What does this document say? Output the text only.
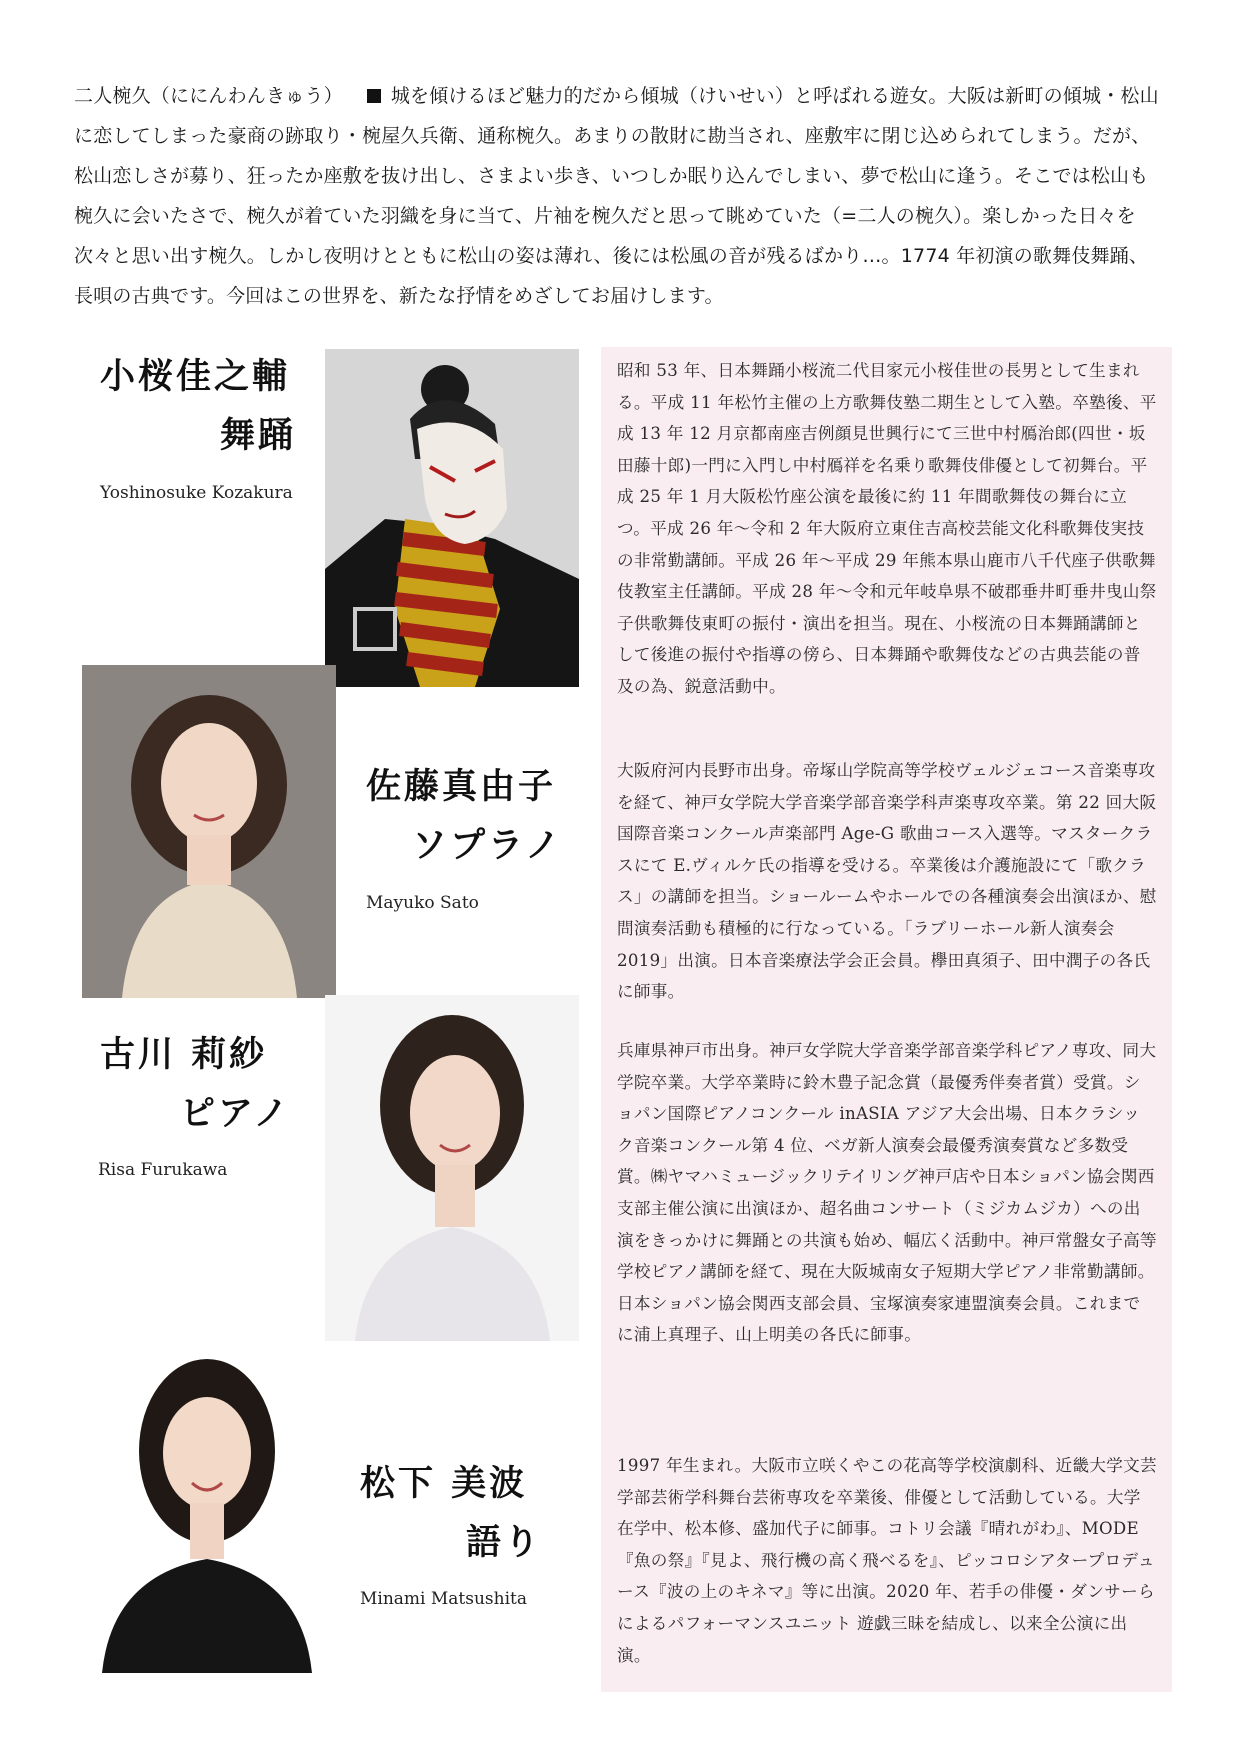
二人椀久（ににんわんきゅう）	城を傾けるほど魅力的だから傾城（けいせい）と呼ばれる遊女。大阪は新町の傾城・松山に恋してしまった豪商の跡取り・椀屋久兵衛、通称椀久。あまりの散財に勘当され、座敷牢に閉じ込められてしまう。だが、松山恋しさが募り、狂ったか座敷を抜け出し、さまよい歩き、いつしか眠り込んでしまい、夢で松山に逢う。そこでは松山も椀久に会いたさで、椀久が着ていた羽織を身に当て、片袖を椀久だと思って眺めていた（=二人の椀久）。楽しかった日々を次々と思い出す椀久。しかし夜明けとともに松山の姿は薄れ、後には松風の音が残るばかり…。1774 年初演の歌舞伎舞踊、長唄の古典です。今回はこの世界を、新たな抒情をめざしてお届けします。

小桜佳之輔

舞踊

Yoshinosuke Kozakura

昭和 53 年、日本舞踊小桜流二代目家元小桜佳世の長男として生まれる。平成 11 年松竹主催の上方歌舞伎塾二期生として入塾。卒塾後、平成 13 年 12 月京都南座吉例顔見世興行にて三世中村鴈治郎(四世・坂田藤十郎)一門に入門し中村鴈祥を名乗り歌舞伎俳優として初舞台。平成 25 年 1 月大阪松竹座公演を最後に約 11 年間歌舞伎の舞台に立つ。平成 26 年～令和 2 年大阪府立東住吉高校芸能文化科歌舞伎実技の非常勤講師。平成 26 年～平成 29 年熊本県山鹿市八千代座子供歌舞伎教室主任講師。平成 28 年～令和元年岐阜県不破郡垂井町垂井曳山祭子供歌舞伎東町の振付・演出を担当。現在、小桜流の日本舞踊講師として後進の振付や指導の傍ら、日本舞踊や歌舞伎などの古典芸能の普及の為、鋭意活動中。

佐藤真由子

ソプラノ

Mayuko Sato

大阪府河内長野市出身。帝塚山学院高等学校ヴェルジェコース音楽専攻を経て、神戸女学院大学音楽学部音楽学科声楽専攻卒業。第 22 回大阪国際音楽コンクール声楽部門 Age-G 歌曲コース入選等。マスタークラスにて E.ヴィルケ氏の指導を受ける。卒業後は介護施設にて「歌クラス」の講師を担当。ショールームやホールでの各種演奏会出演ほか、慰問演奏活動も積極的に行なっている。「ラブリーホール新人演奏会 2019」出演。日本音楽療法学会正会員。欅田真須子、田中潤子の各氏に師事。

古川 莉紗

ピアノ

Risa Furukawa

兵庫県神戸市出身。神戸女学院大学音楽学部音楽学科ピアノ専攻、同大学院卒業。大学卒業時に鈴木豊子記念賞（最優秀伴奏者賞）受賞。ショパン国際ピアノコンクール inASIA アジア大会出場、日本クラシック音楽コンクール第 4 位、ベガ新人演奏会最優秀演奏賞など多数受賞。㈱ヤマハミュージックリテイリング神戸店や日本ショパン協会関西支部主催公演に出演ほか、超名曲コンサート（ミジカムジカ）への出演をきっかけに舞踊との共演も始め、幅広く活動中。神戸常盤女子高等学校ピアノ講師を経て、現在大阪城南女子短期大学ピアノ非常勤講師。日本ショパン協会関西支部会員、宝塚演奏家連盟演奏会員。これまでに浦上真理子、山上明美の各氏に師事。

松下 美波

語り

Minami Matsushita

1997 年生まれ。大阪市立咲くやこの花高等学校演劇科、近畿大学文芸学部芸術学科舞台芸術専攻を卒業後、俳優として活動している。大学在学中、松本修、盛加代子に師事。コトリ会議『晴れがわ』、MODE『魚の祭』『見よ、飛行機の高く飛べるを』、ピッコロシアタープロデュース『波の上のキネマ』等に出演。2020 年、若手の俳優・ダンサーらによるパフォーマンスユニット 遊戯三昧を結成し、以来全公演に出演。
